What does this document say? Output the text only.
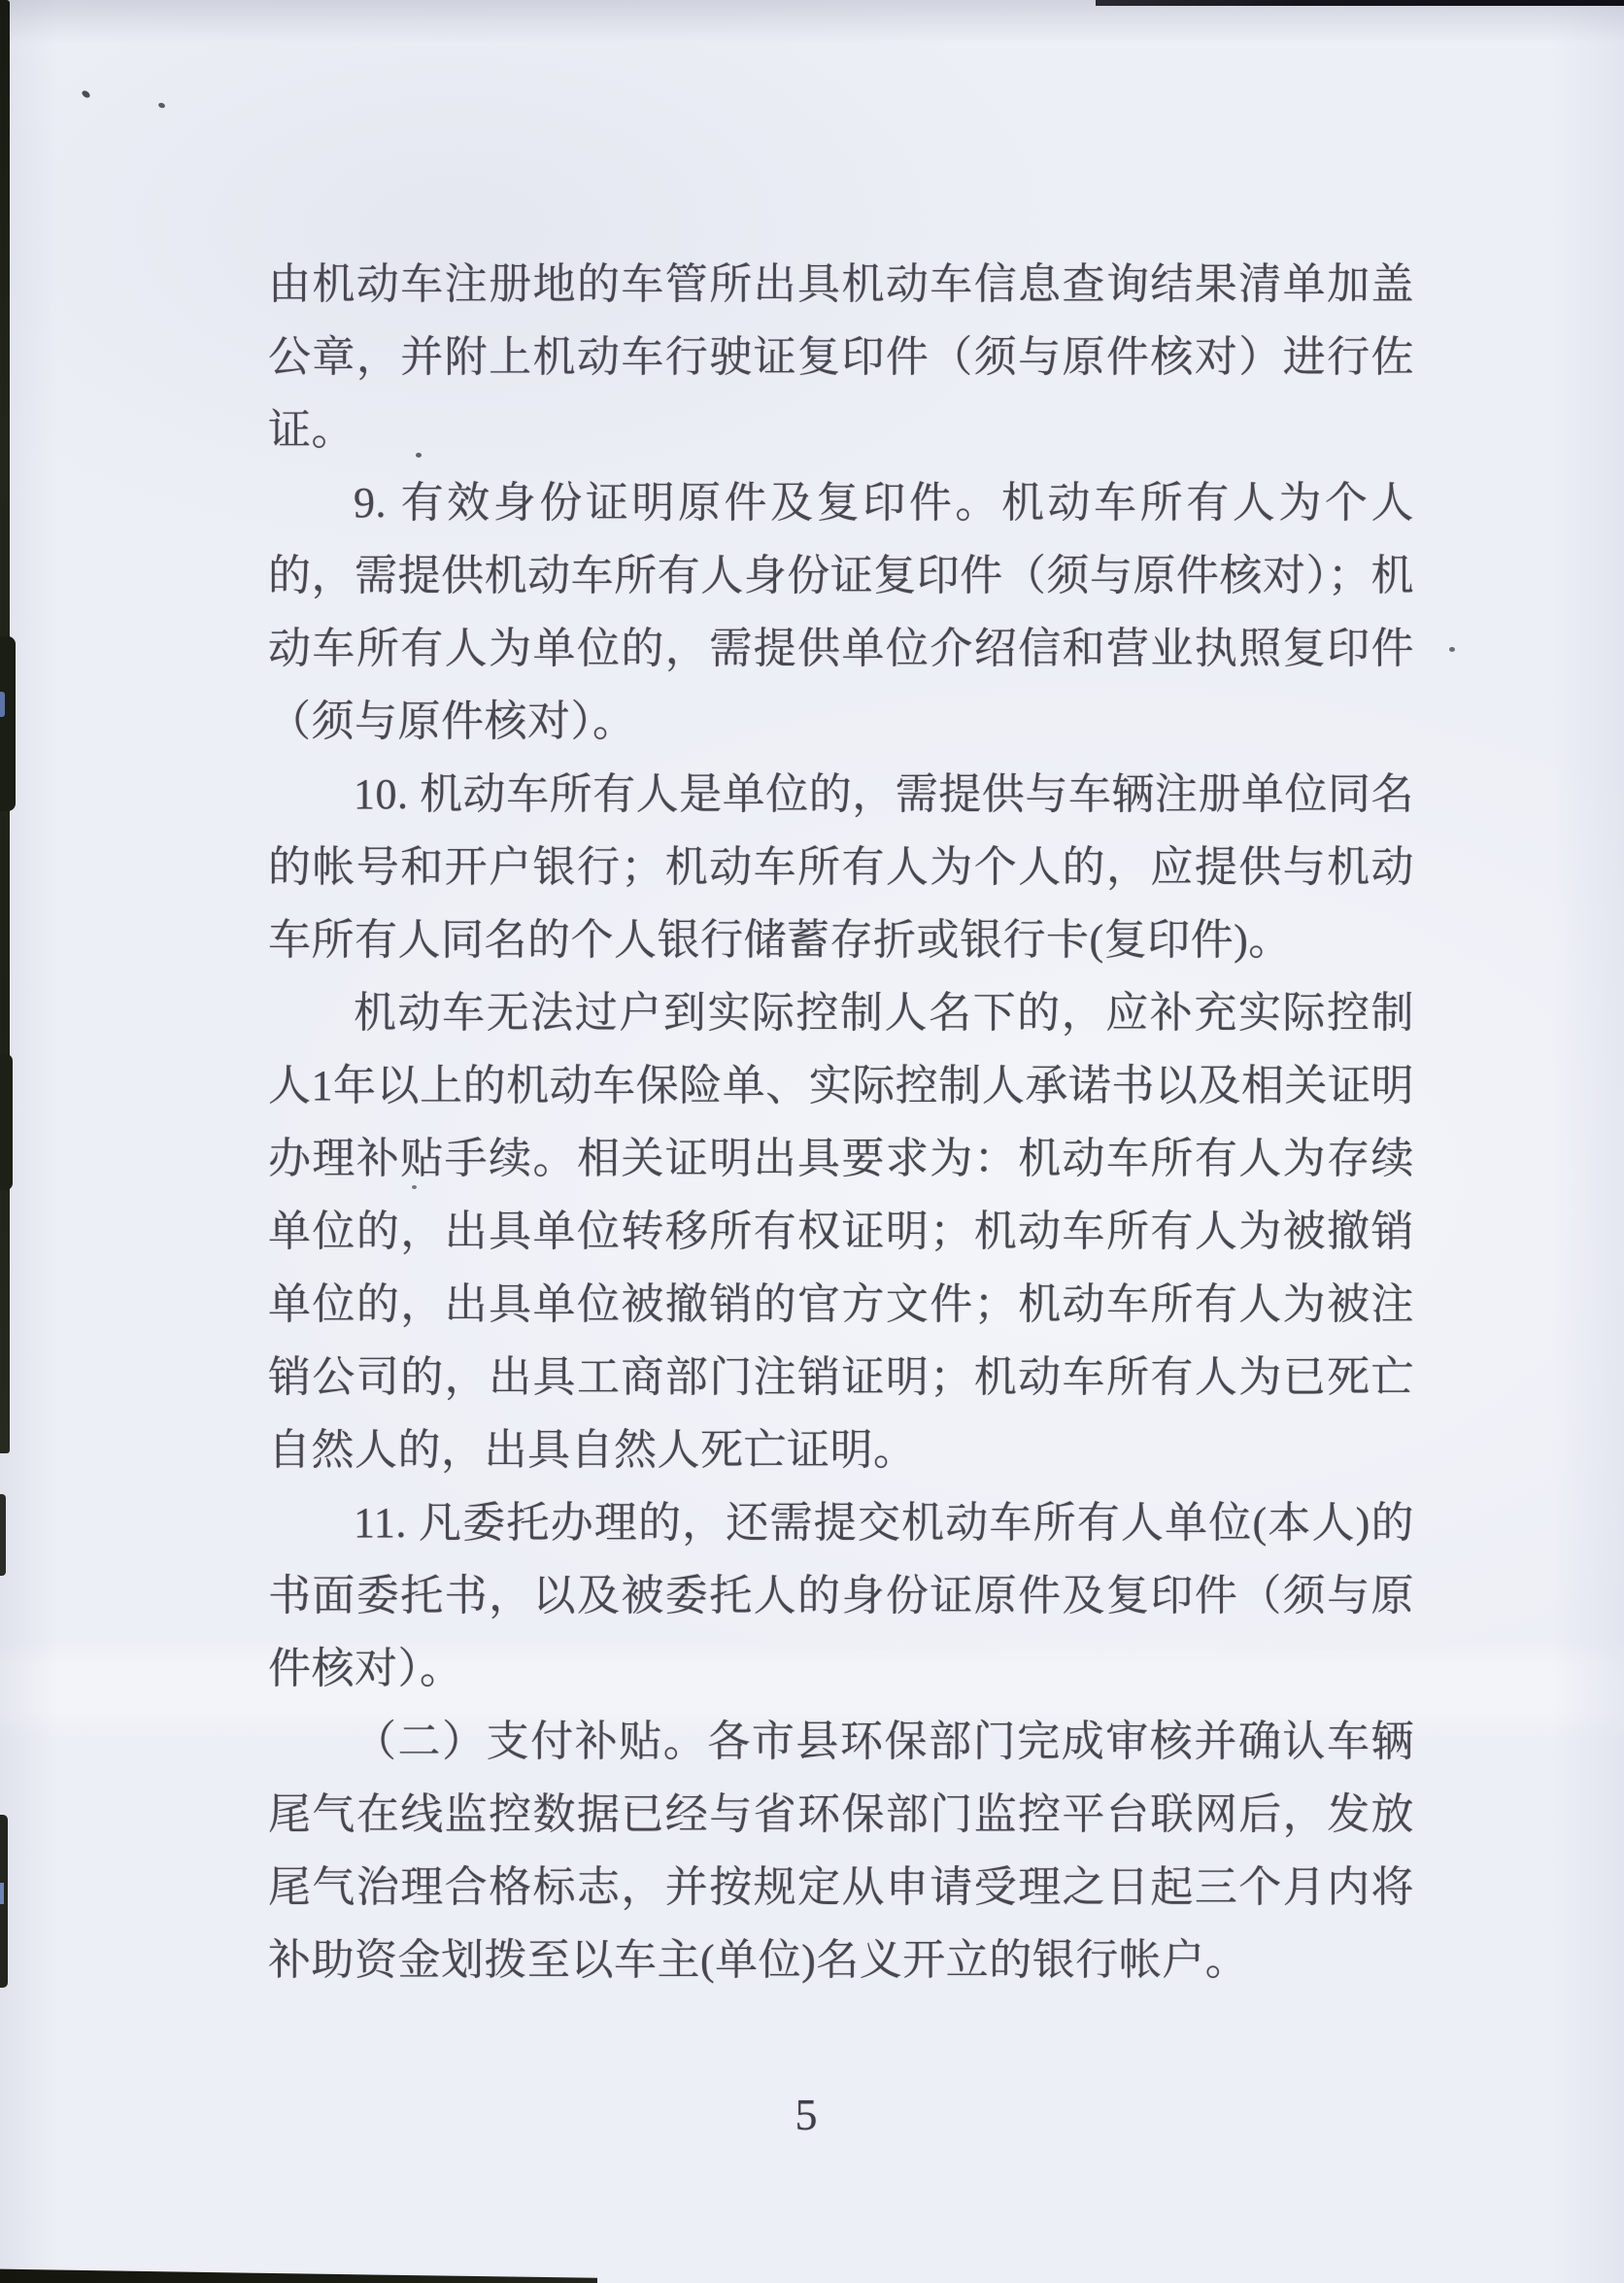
由机动车注册地的车管所出具机动车信息查询结果清单加盖公章，并附上机动车行驶证复印件（须与原件核对）进行佐证。

9. 有效身份证明原件及复印件。机动车所有人为个人的，需提供机动车所有人身份证复印件（须与原件核对）；机动车所有人为单位的，需提供单位介绍信和营业执照复印件（须与原件核对）。

10. 机动车所有人是单位的，需提供与车辆注册单位同名的帐号和开户银行；机动车所有人为个人的，应提供与机动车所有人同名的个人银行储蓄存折或银行卡(复印件)。

机动车无法过户到实际控制人名下的，应补充实际控制人1年以上的机动车保险单、实际控制人承诺书以及相关证明办理补贴手续。相关证明出具要求为：机动车所有人为存续单位的，出具单位转移所有权证明；机动车所有人为被撤销单位的，出具单位被撤销的官方文件；机动车所有人为被注销公司的，出具工商部门注销证明；机动车所有人为已死亡自然人的，出具自然人死亡证明。

11. 凡委托办理的，还需提交机动车所有人单位(本人)的书面委托书，以及被委托人的身份证原件及复印件（须与原件核对）。

（二）支付补贴。各市县环保部门完成审核并确认车辆尾气在线监控数据已经与省环保部门监控平台联网后，发放尾气治理合格标志，并按规定从申请受理之日起三个月内将补助资金划拨至以车主(单位)名义开立的银行帐户。

5
